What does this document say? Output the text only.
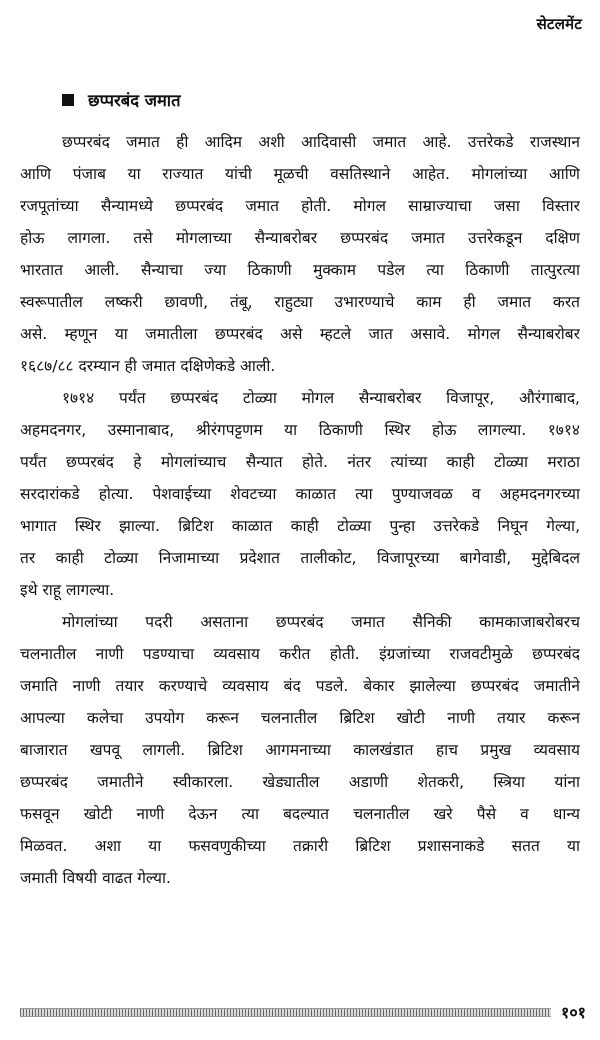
सेटलमेंट
छप्परबंद जमात
छप्परबंद जमात ही आदिम अशी आदिवासी जमात आहे. उत्तरेकडे राजस्थान
आणि पंजाब या राज्यात यांची मूळची वसतिस्थाने आहेत. मोगलांच्या आणि
रजपूतांच्या सैन्यामध्ये छप्परबंद जमात होती. मोगल साम्राज्याचा जसा विस्तार
होऊ लागला. तसे मोगलाच्या सैन्याबरोबर छप्परबंद जमात उत्तरेकडून दक्षिण
भारतात आली. सैन्याचा ज्या ठिकाणी मुक्काम पडेल त्या ठिकाणी तात्पुरत्या
स्वरूपातील लष्करी छावणी, तंबू, राहुट्या उभारण्याचे काम ही जमात करत
असे. म्हणून या जमातीला छप्परबंद असे म्हटले जात असावे. मोगल सैन्याबरोबर
१६८७/८८ दरम्यान ही जमात दक्षिणेकडे आली.
१७१४ पर्यंत छप्परबंद टोळ्या मोगल सैन्याबरोबर विजापूर, औरंगाबाद,
अहमदनगर, उस्मानाबाद, श्रीरंगपट्टणम या ठिकाणी स्थिर होऊ लागल्या. १७१४
पर्यंत छप्परबंद हे मोगलांच्याच सैन्यात होते. नंतर त्यांच्या काही टोळ्या मराठा
सरदारांकडे होत्या. पेशवाईच्या शेवटच्या काळात त्या पुण्याजवळ व अहमदनगरच्या
भागात स्थिर झाल्या. ब्रिटिश काळात काही टोळ्या पुन्हा उत्तरेकडे निघून गेल्या,
तर काही टोळ्या निजामाच्या प्रदेशात तालीकोट, विजापूरच्या बागेवाडी, मुद्देबिदल
इथे राहू लागल्या.
मोगलांच्या पदरी असताना छप्परबंद जमात सैनिकी कामकाजाबरोबरच
चलनातील नाणी पडण्याचा व्यवसाय करीत होती. इंग्रजांच्या राजवटीमुळे छप्परबंद
जमाति नाणी तयार करण्याचे व्यवसाय बंद पडले. बेकार झालेल्या छप्परबंद जमातीने
आपल्या कलेचा उपयोग करून चलनातील ब्रिटिश खोटी नाणी तयार करून
बाजारात खपवू लागली. ब्रिटिश आगमनाच्या कालखंडात हाच प्रमुख व्यवसाय
छप्परबंद जमातीने स्वीकारला. खेड्यातील अडाणी शेतकरी, स्त्रिया यांना
फसवून खोटी नाणी देऊन त्या बदल्यात चलनातील खरे पैसे व धान्य
मिळवत. अशा या फसवणुकीच्या तक्रारी ब्रिटिश प्रशासनाकडे सतत या
जमाती विषयी वाढत गेल्या.
१०१
